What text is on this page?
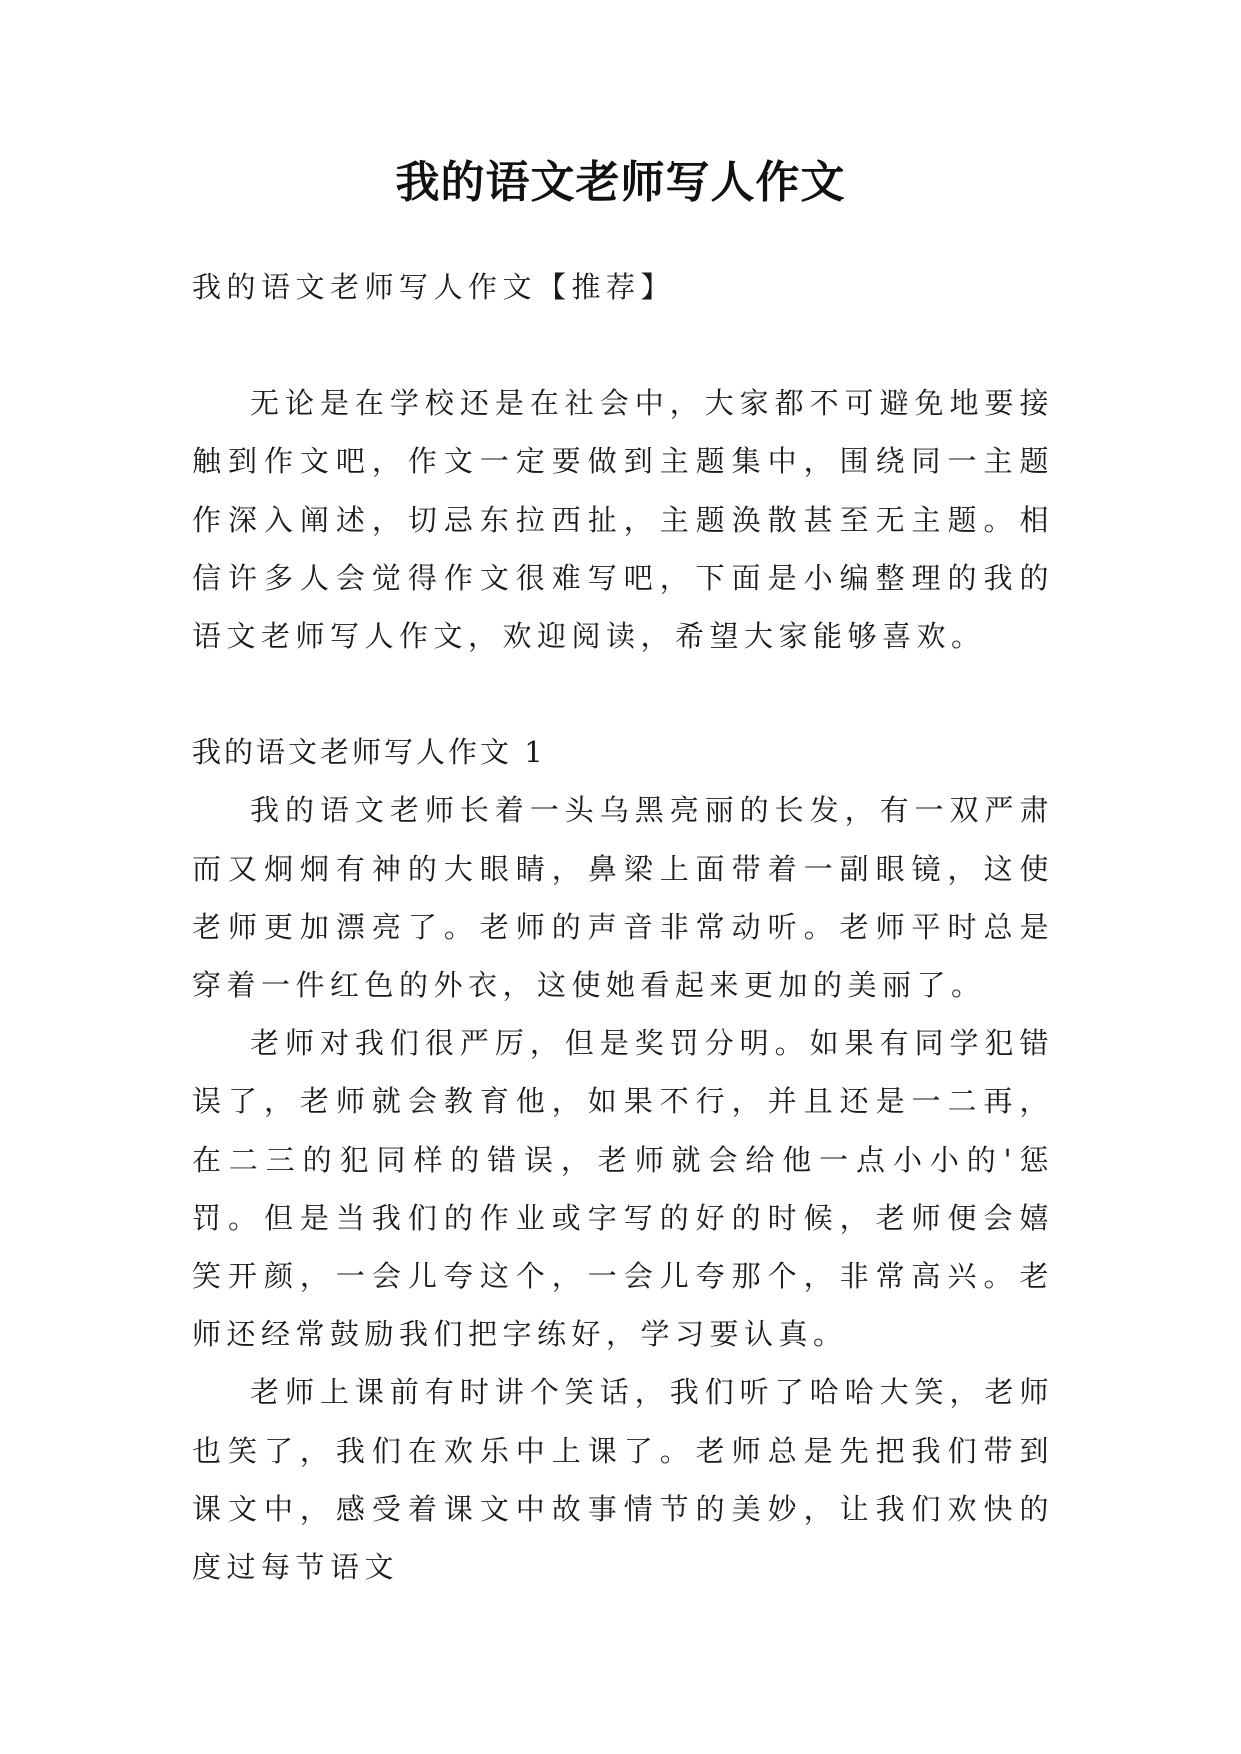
我的语文老师写人作文

我的语文老师写人作文【推荐】

无论是在学校还是在社会中，大家都不可避免地要接触到作文吧，作文一定要做到主题集中，围绕同一主题作深入阐述，切忌东拉西扯，主题涣散甚至无主题。相信许多人会觉得作文很难写吧，下面是小编整理的我的语文老师写人作文，欢迎阅读，希望大家能够喜欢。

我的语文老师写人作文 1

我的语文老师长着一头乌黑亮丽的长发，有一双严肃而又炯炯有神的大眼睛，鼻梁上面带着一副眼镜，这使老师更加漂亮了。老师的声音非常动听。老师平时总是穿着一件红色的外衣，这使她看起来更加的美丽了。

老师对我们很严厉，但是奖罚分明。如果有同学犯错误了，老师就会教育他，如果不行，并且还是一二再，在二三的犯同样的错误，老师就会给他一点小小的'惩罚。但是当我们的作业或字写的好的时候，老师便会嬉笑开颜，一会儿夸这个，一会儿夸那个，非常高兴。老师还经常鼓励我们把字练好，学习要认真。

老师上课前有时讲个笑话，我们听了哈哈大笑，老师也笑了，我们在欢乐中上课了。老师总是先把我们带到课文中，感受着课文中故事情节的美妙，让我们欢快的度过每节语文
